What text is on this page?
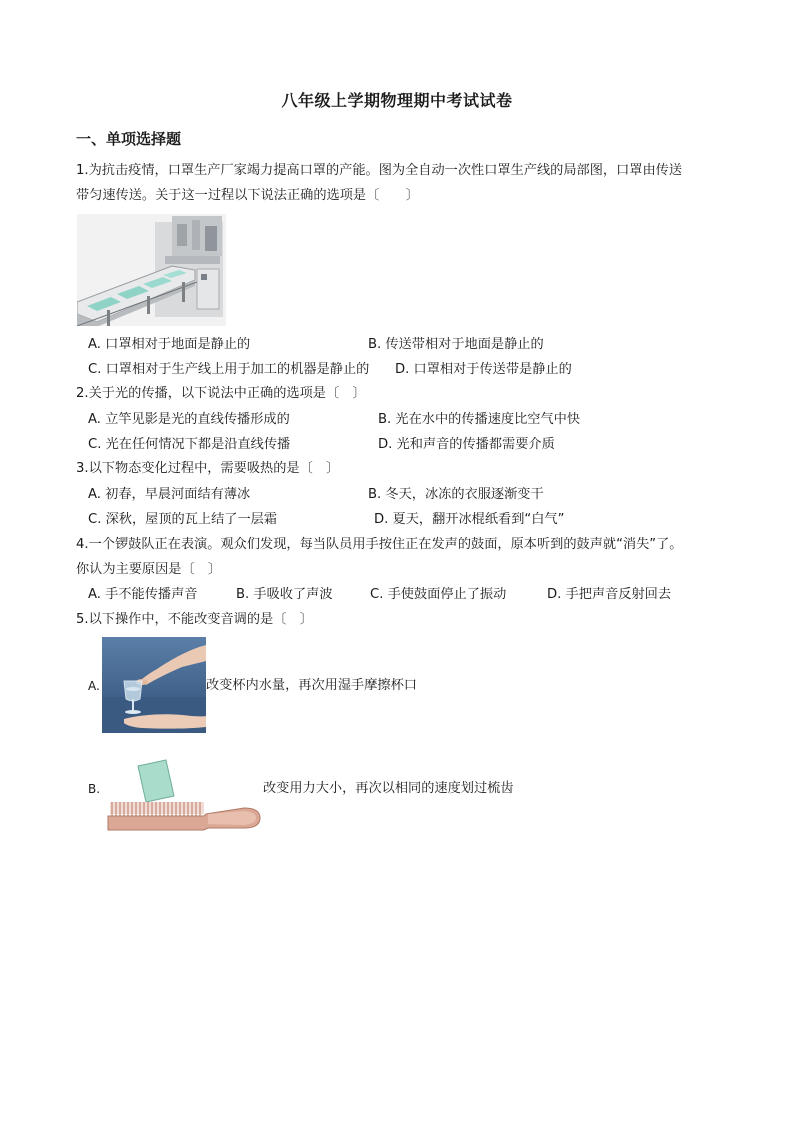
八年级上学期物理期中考试试卷
一、单项选择题
1.为抗击疫情，口罩生产厂家竭力提高口罩的产能。图为全自动一次性口罩生产线的局部图，口罩由传送
带匀速传送。关于这一过程以下说法正确的选项是〔　　〕
A. 口罩相对于地面是静止的	B. 传送带相对于地面是静止的
C. 口罩相对于生产线上用于加工的机器是静止的 D. 口罩相对于传送带是静止的
2.关于光的传播，以下说法中正确的选项是〔　〕
A. 立竿见影是光的直线传播形成的	B. 光在水中的传播速度比空气中快
C. 光在任何情况下都是沿直线传播	D. 光和声音的传播都需要介质
3.以下物态变化过程中，需要吸热的是〔　〕
A. 初春，早晨河面结有薄冰	B. 冬天，冰冻的衣服逐渐变干
C. 深秋，屋顶的瓦上结了一层霜	D. 夏天，翻开冰棍纸看到“白气”
4.一个锣鼓队正在表演。观众们发现，每当队员用手按住正在发声的鼓面，原本听到的鼓声就“消失”了。
你认为主要原因是〔　〕
A. 手不能传播声音	B. 手吸收了声波	C. 手使鼓面停止了振动	D. 手把声音反射回去
5.以下操作中，不能改变音调的是〔　〕
A.	改变杯内水量，再次用湿手摩擦杯口
B.	改变用力大小，再次以相同的速度划过梳齿
